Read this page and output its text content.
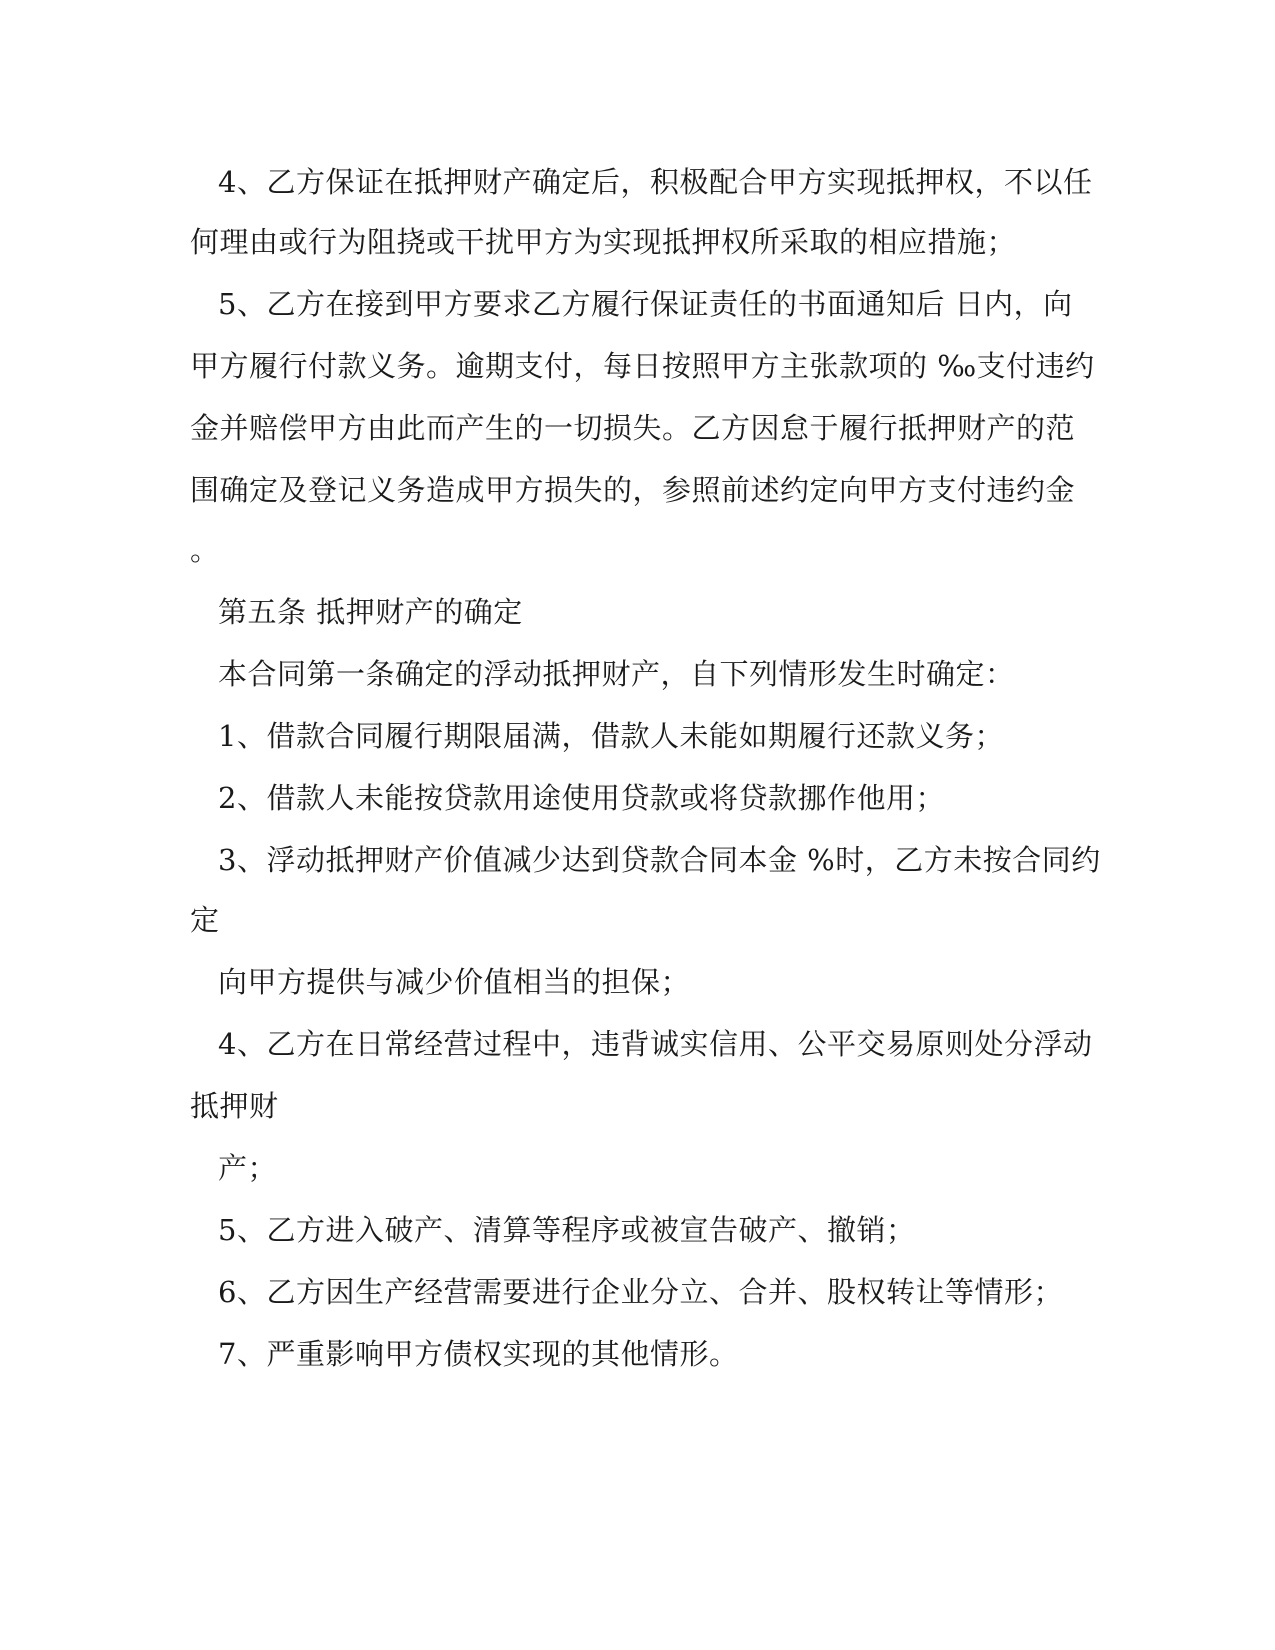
4、乙方保证在抵押财产确定后，积极配合甲方实现抵押权，不以任
何理由或行为阻挠或干扰甲方为实现抵押权所采取的相应措施；
5、乙方在接到甲方要求乙方履行保证责任的书面通知后 日内，向
甲方履行付款义务。逾期支付，每日按照甲方主张款项的 ‰支付违约
金并赔偿甲方由此而产生的一切损失。乙方因怠于履行抵押财产的范
围确定及登记义务造成甲方损失的，参照前述约定向甲方支付违约金
。
第五条 抵押财产的确定
本合同第一条确定的浮动抵押财产，自下列情形发生时确定：
1、借款合同履行期限届满，借款人未能如期履行还款义务；
2、借款人未能按贷款用途使用贷款或将贷款挪作他用；
3、浮动抵押财产价值减少达到贷款合同本金 %时，乙方未按合同约
定
向甲方提供与减少价值相当的担保；
4、乙方在日常经营过程中，违背诚实信用、公平交易原则处分浮动
抵押财
产；
5、乙方进入破产、清算等程序或被宣告破产、撤销；
6、乙方因生产经营需要进行企业分立、合并、股权转让等情形；
7、严重影响甲方债权实现的其他情形。
